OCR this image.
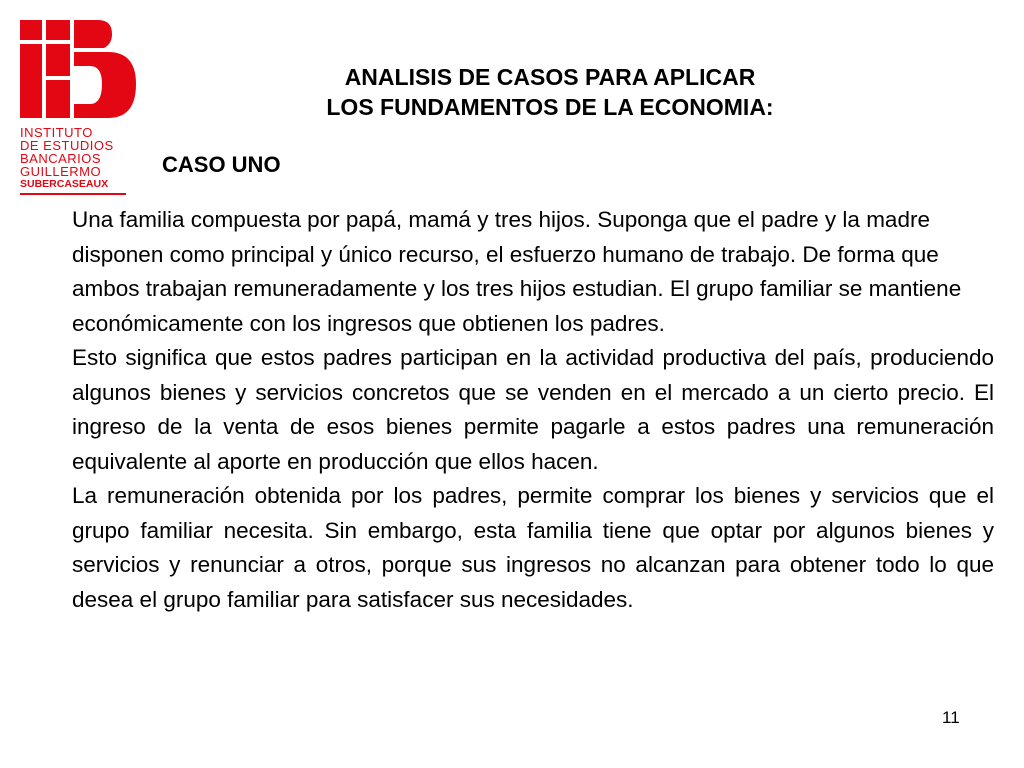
INSTITUTO
DE ESTUDIOS
BANCARIOS
GUILLERMO
SUBERCASEAUX
ANALISIS DE CASOS PARA APLICAR
LOS FUNDAMENTOS DE LA ECONOMIA:
CASO UNO

Una familia compuesta por papá, mamá y tres hijos. Suponga que el padre y la madre disponen como principal y único recurso, el esfuerzo humano de trabajo. De forma que ambos trabajan remuneradamente y los tres hijos estudian. El grupo familiar se mantiene económicamente con los ingresos que obtienen los padres.

Esto significa que estos padres participan en la actividad productiva del país, produciendo algunos bienes y servicios concretos que se venden en el mercado a un cierto precio. El ingreso de la venta de esos bienes permite pagarle a estos padres una remuneración equivalente al aporte en producción que ellos hacen.

La remuneración obtenida por los padres, permite comprar los bienes y servicios que el grupo familiar necesita. Sin embargo, esta familia tiene que optar por algunos bienes y servicios y renunciar a otros, porque sus ingresos no alcanzan para obtener todo lo que desea el grupo familiar para satisfacer sus necesidades.

11
